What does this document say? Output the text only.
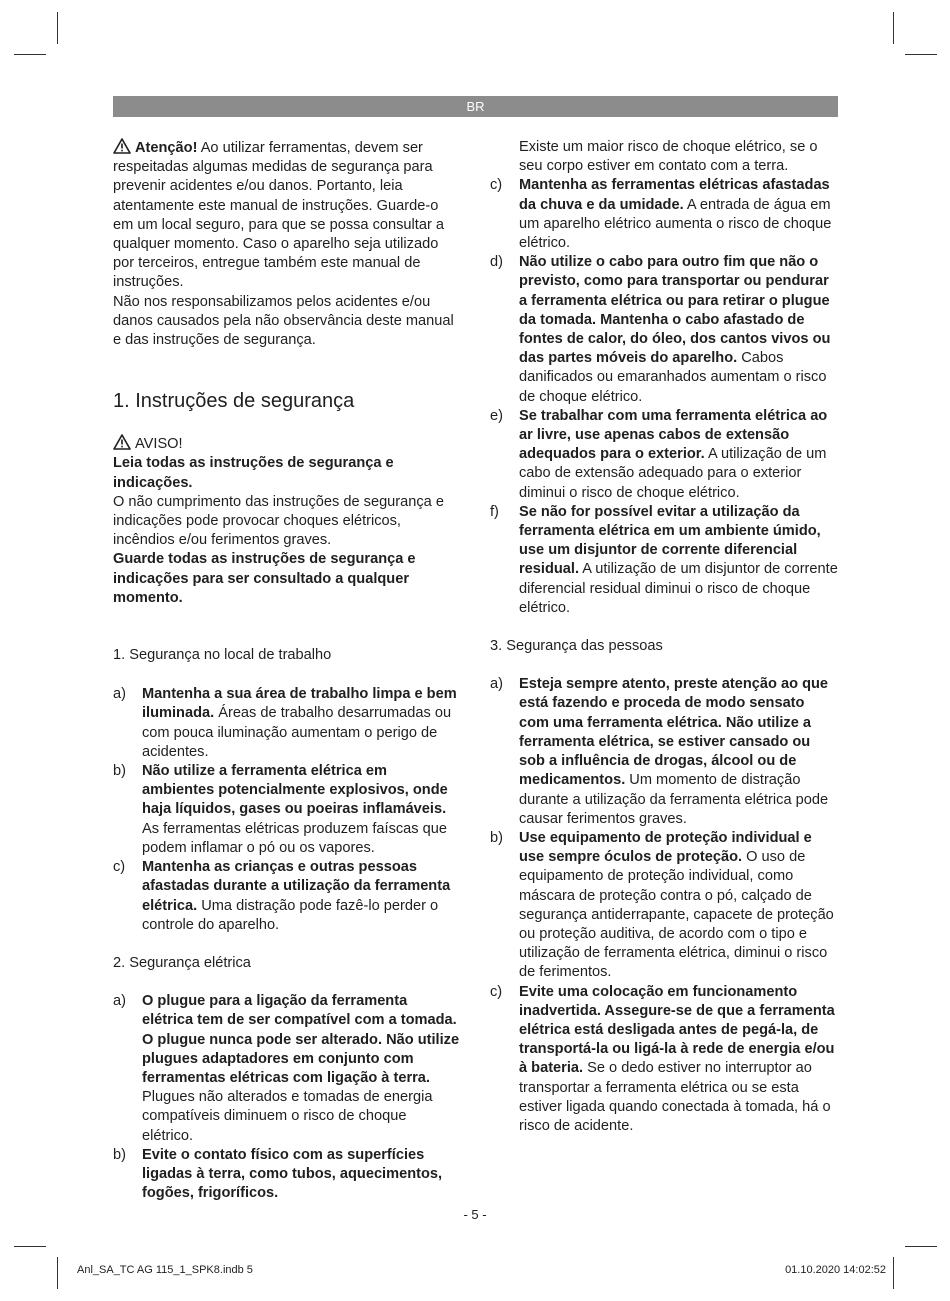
BR

Atenção! Ao utilizar ferramentas, devem ser respeitadas algumas medidas de segurança para prevenir acidentes e/ou danos. Portanto, leia atentamente este manual de instruções. Guarde-o em um local seguro, para que se possa consultar a qualquer momento. Caso o aparelho seja utilizado por terceiros, entregue também este manual de instruções.

Não nos responsabilizamos pelos acidentes e/ou danos causados pela não observância deste manual e das instruções de segurança.

1. Instruções de segurança

AVISO!

Leia todas as instruções de segurança e indicações.

O não cumprimento das instruções de segurança e indicações pode provocar choques elétricos, incêndios e/ou ferimentos graves.

Guarde todas as instruções de segurança e indicações para ser consultado a qualquer momento.

1. Segurança no local de trabalho
a)	Mantenha a sua área de trabalho limpa e bem iluminada. Áreas de trabalho desarrumadas ou com pouca iluminação aumentam o perigo de acidentes.
b)	Não utilize a ferramenta elétrica em ambientes potencialmente explosivos, onde haja líquidos, gases ou poeiras inflamáveis. As ferramentas elétricas produzem faíscas que podem inflamar o pó ou os vapores.
c)	Mantenha as crianças e outras pessoas afastadas durante a utilização da ferramenta elétrica. Uma distração pode fazê-lo perder o controle do aparelho.
2. Segurança elétrica
a)	O plugue para a ligação da ferramenta elétrica tem de ser compatível com a tomada. O plugue nunca pode ser alterado. Não utilize plugues adaptadores em conjunto com ferramentas elétricas com ligação à terra. Plugues não alterados e tomadas de energia compatíveis diminuem o risco de choque elétrico.
b)	Evite o contato físico com as superfícies ligadas à terra, como tubos, aquecimentos, fogões, frigoríficos.
Existe um maior risco de choque elétrico, se o seu corpo estiver em contato com a terra.
c)	Mantenha as ferramentas elétricas afastadas da chuva e da umidade. A entrada de água em um aparelho elétrico aumenta o risco de choque elétrico.
d)	Não utilize o cabo para outro fim que não o previsto, como para transportar ou pendurar a ferramenta elétrica ou para retirar o plugue da tomada. Mantenha o cabo afastado de fontes de calor, do óleo, dos cantos vivos ou das partes móveis do aparelho. Cabos danificados ou emaranhados aumentam o risco de choque elétrico.
e)	Se trabalhar com uma ferramenta elétrica ao ar livre, use apenas cabos de extensão adequados para o exterior. A utilização de um cabo de extensão adequado para o exterior diminui o risco de choque elétrico.
f)	Se não for possível evitar a utilização da ferramenta elétrica em um ambiente úmido, use um disjuntor de corrente diferencial residual. A utilização de um disjuntor de corrente diferencial residual diminui o risco de choque elétrico.
3. Segurança das pessoas
a)	Esteja sempre atento, preste atenção ao que está fazendo e proceda de modo sensato com uma ferramenta elétrica. Não utilize a ferramenta elétrica, se estiver cansado ou sob a influência de drogas, álcool ou de medicamentos. Um momento de distração durante a utilização da ferramenta elétrica pode causar ferimentos graves.
b)	Use equipamento de proteção individual e use sempre óculos de proteção. O uso de equipamento de proteção individual, como máscara de proteção contra o pó, calçado de segurança antiderrapante, capacete de proteção ou proteção auditiva, de acordo com o tipo e utilização de ferramenta elétrica, diminui o risco de ferimentos.
c)	Evite uma colocação em funcionamento inadvertida. Assegure-se de que a ferramenta elétrica está desligada antes de pegá-la, de transportá-la ou ligá-la à rede de energia e/ou à bateria. Se o dedo estiver no interruptor ao transportar a ferramenta elétrica ou se esta estiver ligada quando conectada à tomada, há o risco de acidente.
- 5 -
Anl_SA_TC AG 115_1_SPK8.indb 5	01.10.2020 14:02:52
